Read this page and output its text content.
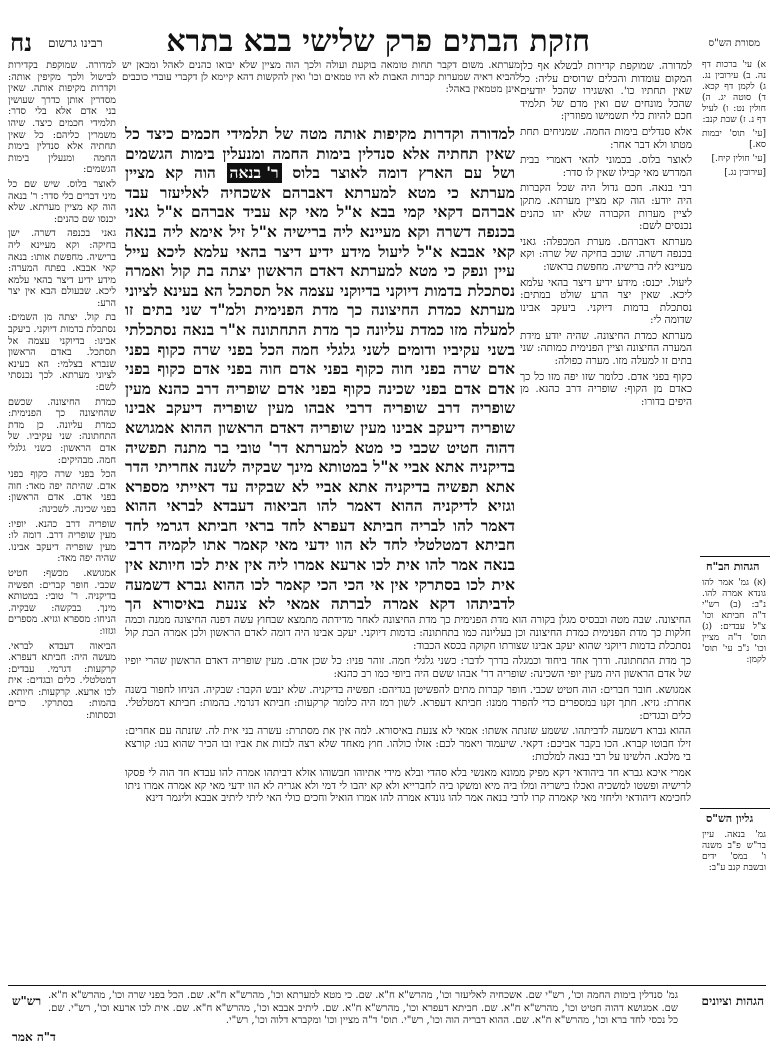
נח רבינו גרשום חזקת הבתים פרק שלישי בבא בתרא	מסורת הש"ס

למדורה. שמוקפת בקדירות לבישול ולכך מקיפין אותה: וקדרות מקיפות אותה. שאין מסדרין אותן כדרך שעושין בני אדם אלא בלי סדר: תלמידי חכמים כיצד. שיהו משמרין כליהם: כל שאין תחתיה אלא סנדלין בימות החמה ומנעלין בימות הגשמים:

לאוצר בלוס. שיש שם כל מיני דברים בלי סדר: ר' בנאה הוה קא מציין מערתא. שלא יכנסו שם כהנים:

גאני בכנפה דשרה. ישן בחיקה: וקא מעיינא ליה ברישיה. מחפשת אותו: בנאה קאי אבבא. בפתח המערה: מידע ידיע דיצר בהאי עלמא ליכא. שבעולם הבא אין יצר הרע:

בת קול. יצתה מן השמים: נסתכלת בדמות דיוקני. ביעקב אבינו: בדיוקני עצמה אל תסתכל. באדם הראשון שנברא בצלמי: הא בעינא לציוני מערתא. לכך נכנסתי לשם:

כמדת החיצונה. שכשם שהחיצונה כך הפנימית: כמדת עליונה. כן מדת התחתונה: שני עקיביו. של אדם הראשון: כשני גלגלי חמה. מבהיקים:

הכל בפני שרה כקוף בפני אדם. שהיתה יפה מאד: חוה בפני אדם. אדם הראשון: בפני שכינה. לשכינה:

שופריה דרב כהנא. יופיו: מעין שופריה דרב. דומה לו: מעין שופריה דיעקב אבינו. שהיה יפה מאד:

אמגושא. מכשף: חטיט שכבי. חופר קברים: תפשיה בדיקניה. ר' טובי: במטותא מינך. בבקשה: שבקיה. הניחו: מספרא וגזיא. מספרים וגזזו:

הביאוה דעבדא לבראי. מעשה היה: חביתא דעפרא. קרקעות: דגרמי. עבדים: דמטלטלי. כלים ובגדים: אית לכו ארעא. קרקעות: חיותא. בהמות: בסתרקי. כרים וכסתות:

מערתא. משום דקבר תחות טומאה בוקעת ועולה ולכך הוה מציין שלא יבואו כהנים לאהל ומכאן יש להביא ראיה שמערות קברות האבות לא היו טמאים וכו' ואין להקשות דהא קיימא לן דקברי עובדי כוכבים אינן מטמאין באהל:

למדורה וקדרות מקיפות אותה מטה של תלמידי חכמים כיצד כל שאין תחתיה אלא סנדלין בימות החמה ומנעלין בימות הגשמים ושל עם הארץ דומה לאוצר בלוס

ר' בנאה

הוה קא מציין מערתא כי מטא למערתא דאברהם אשכחיה לאליעזר עבד אברהם דקאי קמי בבא א"ל מאי קא עביד אברהם א"ל גאני בכנפה דשרה וקא מעיינא ליה ברישיה א"ל זיל אימא ליה בנאה קאי אבבא א"ל ליעול מידע ידיע דיצר בהאי עלמא ליכא עייל עיין ונפק כי מטא למערתא דאדם הראשון יצתה בת קול ואמרה נסתכלת בדמות דיוקני בדיוקני עצמה אל תסתכל הא בעינא לציוני מערתא כמדת החיצונה כך מדת הפנימית ולמ"ד שני בתים זו למעלה מזו כמדת עליונה כך מדת התחתונה א"ר בנאה נסתכלתי בשני עקיביו ודומים לשני גלגלי חמה הכל בפני שרה כקוף בפני אדם שרה בפני חוה כקוף בפני אדם חוה בפני אדם כקוף בפני אדם אדם בפני שכינה כקוף בפני אדם שופריה דרב כהנא מעין שופריה דרב שופריה דרבי אבהו מעין שופריה דיעקב אבינו שופריה דיעקב אבינו מעין שופריה דאדם הראשון

ההוא אמגושא דהוה חטיט שכבי כי מטא למערתא דר' טובי בר מתנה תפשיה בדיקניה אתא אביי א"ל במטותא מינך שבקיה לשנה אחריתי הדר אתא תפשיה בדיקניה אתא אביי לא שבקיה עד דאייתי מספרא וגזיא לדיקניה ההוא דאמר להו הביאוה דעבדא לבראי

ההוא דאמר להו לבריה חביתא דעפרא לחד בראי חביתא דגרמי לחד חביתא דמטלטלי לחד לא הוו ידעי מאי קאמר אתו לקמיה דרבי בנאה אמר להו אית לכו ארעא אמרו ליה אין אית לכו חיותא אין אית לכו בסתרקי אין אי הכי הכי קאמר לכו ההוא גברא דשמעה לדביתהו דקא אמרה לברתה אמאי לא צנעת באיסורא הך

למדורה. שמוקפת קדירות לבשלא אף כלן המקום עומדות והכלים שרוסים עליה: כל שאין תחתיו כו'. ואשגירו שהכל יודעים שהכל מונחים שם ואין מדם של תלמיד חכם להיות כלי תשמישו מפוזרין:

אלא סנדלים בימות החמה. שמניחים תחת מטתו ולא דבר אחר:

לאוצר בלוס. בכמוני להאי דאמרי בבית המדרש מאי קבילו שאין לו סדר:

רבי בנאה. חכם גדול היה שכל הקברות היה יודע: הוה קא מציין מערתא. מתקן לציין מערות הקבורה שלא יהו כהנים נכנסים לשם:

מערתא דאברהם. מערת המכפלה: גאני בכנפה דשרה. שוכב בחיקה של שרה: וקא מעיינא ליה ברישיה. מחפשת בראשו:

ליעול. יכנס: מידע ידיע דיצר בהאי עלמא ליכא. שאין יצר הרע שולט במתים: נסתכלת בדמות דיוקני. ביעקב אבינו שדומה לי:

מערתא כמדת החיצונה. שהיה יודע מידת המערה החיצונה וציין הפנימית כמותה: שני בתים זו למעלה מזו. מערה כפולה:

כקוף בפני אדם. כלומר שזו יפה מזו כל כך כאדם מן הקוף: שופריה דרב כהנא. מן היפים בדורו:

א) עי' ברכות דף נה. ב) עירובין נג. ג) לקמן דף קכא. ד) סוטה יג. ה) חולין נט: ו) לעיל דף נ. ז) שבת קנב:

[עי' תוס' יבמות סא.]

[עי' חולין קיח.]

[עירובין נג.]

הגהות הב"ח

(א) גמ' אמר להו גונדא אמרה להו. נ"ב: (ב) רש"י ד"ה חביתא וכו' צ"ל עבדים: (ג) תוס' ד"ה מציין וכו' נ"ב עי' תוס' לקמן:

גליון הש"ס

גמ' בנאה. עיין בר"ש פ"ב משנה ו' במס' ידים ובשבת קנב ע"ב:

החיצונה. שבה מטה ובבסיס מגלן בקורה הוא מדת הפנימית כך מדת החיצונה לאחר מדידתה מתמצא שבחוץ עשה דפנה החיצונה ממנה וכמה חלקות כך מדת הפנימית כמדת החיצונה וכן בעליונה כמו בתחתונה: בדמות דיוקני. יעקב אבינו היה דומה לאדם הראשון ולכן אמרה הבת קול נסתכלת בדמות דיוקני שהוא יעקב אבינו שצורתו חקוקה בכסא הכבוד:

כך מדת התחתונה. ודרך אחד ביחוד וכמגלה בדרך לדבר: כשני גלגלי חמה. זוהר פניו: כל שכן אדם. מעין שופריה דאדם הראשון שהרי יופיו של אדם הראשון היה מעין יופי השכינה: שופריה דר' אבהו ששם היה ביופי כמו רב כהנא:

אמגושא. חובר חברים: הוה חטיט שכבי. חופר קברות מתים להפשיטן בגדיהם: תפשיה בדיקניה. שלא ינבש הקבר: שבקיה. הניחו לחפור בשנה אחרת: גזיא. חתך זקנו במספרים כדי להפרד ממנו: חביתא דעפרא. לשון רמז היה כלומר קרקעות: חביתא דגרמי. בהמות: חביתא דמטלטלי. כלים ובגדים:

ההוא גברא דשמעה לדביתהו. ששמע שזנתה אשתו: אמאי לא צנעת באיסורא. למה אין את מסתרת: עשרה בני אית לה. שזנתה עם אחרים: זילו חבוטו קברא. הכו בקבר אביכם: דקאי. שיעמוד ויאמר לכם: אזלו כולהו. חוץ מאחד שלא רצה לבזות את אביו ובו הכיר שהוא בנו: קורצא בי מלכא. הלשינו על רבי בנאה למלכות:

אמרי איכא גברא חד ביהודאי דקא מפיק ממונא מאנשי בלא סהדי ובלא מידי אתיוהו חבשוהו אזלא דביתהו אמרה להו עבדא חד הוה לי פסקו לרישיה ופשטו למשכיה ואכלו בישריה ומלו ביה מיא ומשקו ביה לחברייא ולא קא יהבו לי דמי ולא אגריה לא הוו ידעי מאי קא אמרה אמרו ניתו לחכימא דיהודאי וליחזי מאי קאמרה קרו לרבי בנאה אמר להו גונדא אמרה להו אמרו הואיל וחכים כולי האי ליתי ליתיב אבבא וליגמר דינא

הגהות וציונים
גמ' סנדלין בימות החמה וכו', רש"י שם. אשכחיה לאליעזר וכו', מהרש"א ח"א. שם. כי מטא למערתא וכו', מהרש"א ח"א. שם. הכל בפני שרה וכו', מהרש"א ח"א. שם. אמגושא דהוה חטיט וכו', מהרש"א ח"א. שם. חביתא דעפרא וכו', מהרש"א ח"א. שם. ליתיב אבבא וכו', מהרש"א ח"א. שם. אית לכו ארעא וכו', רש"י. שם. כל נכסי לחד ברא וכו', מהרש"א ח"א. שם. ההוא דבריה הוה וכו', רש"י. תוס' ד"ה מציין וכו' ומקברא דלוה וכו', רש"י.
רש"ש
ד"ה אמר
